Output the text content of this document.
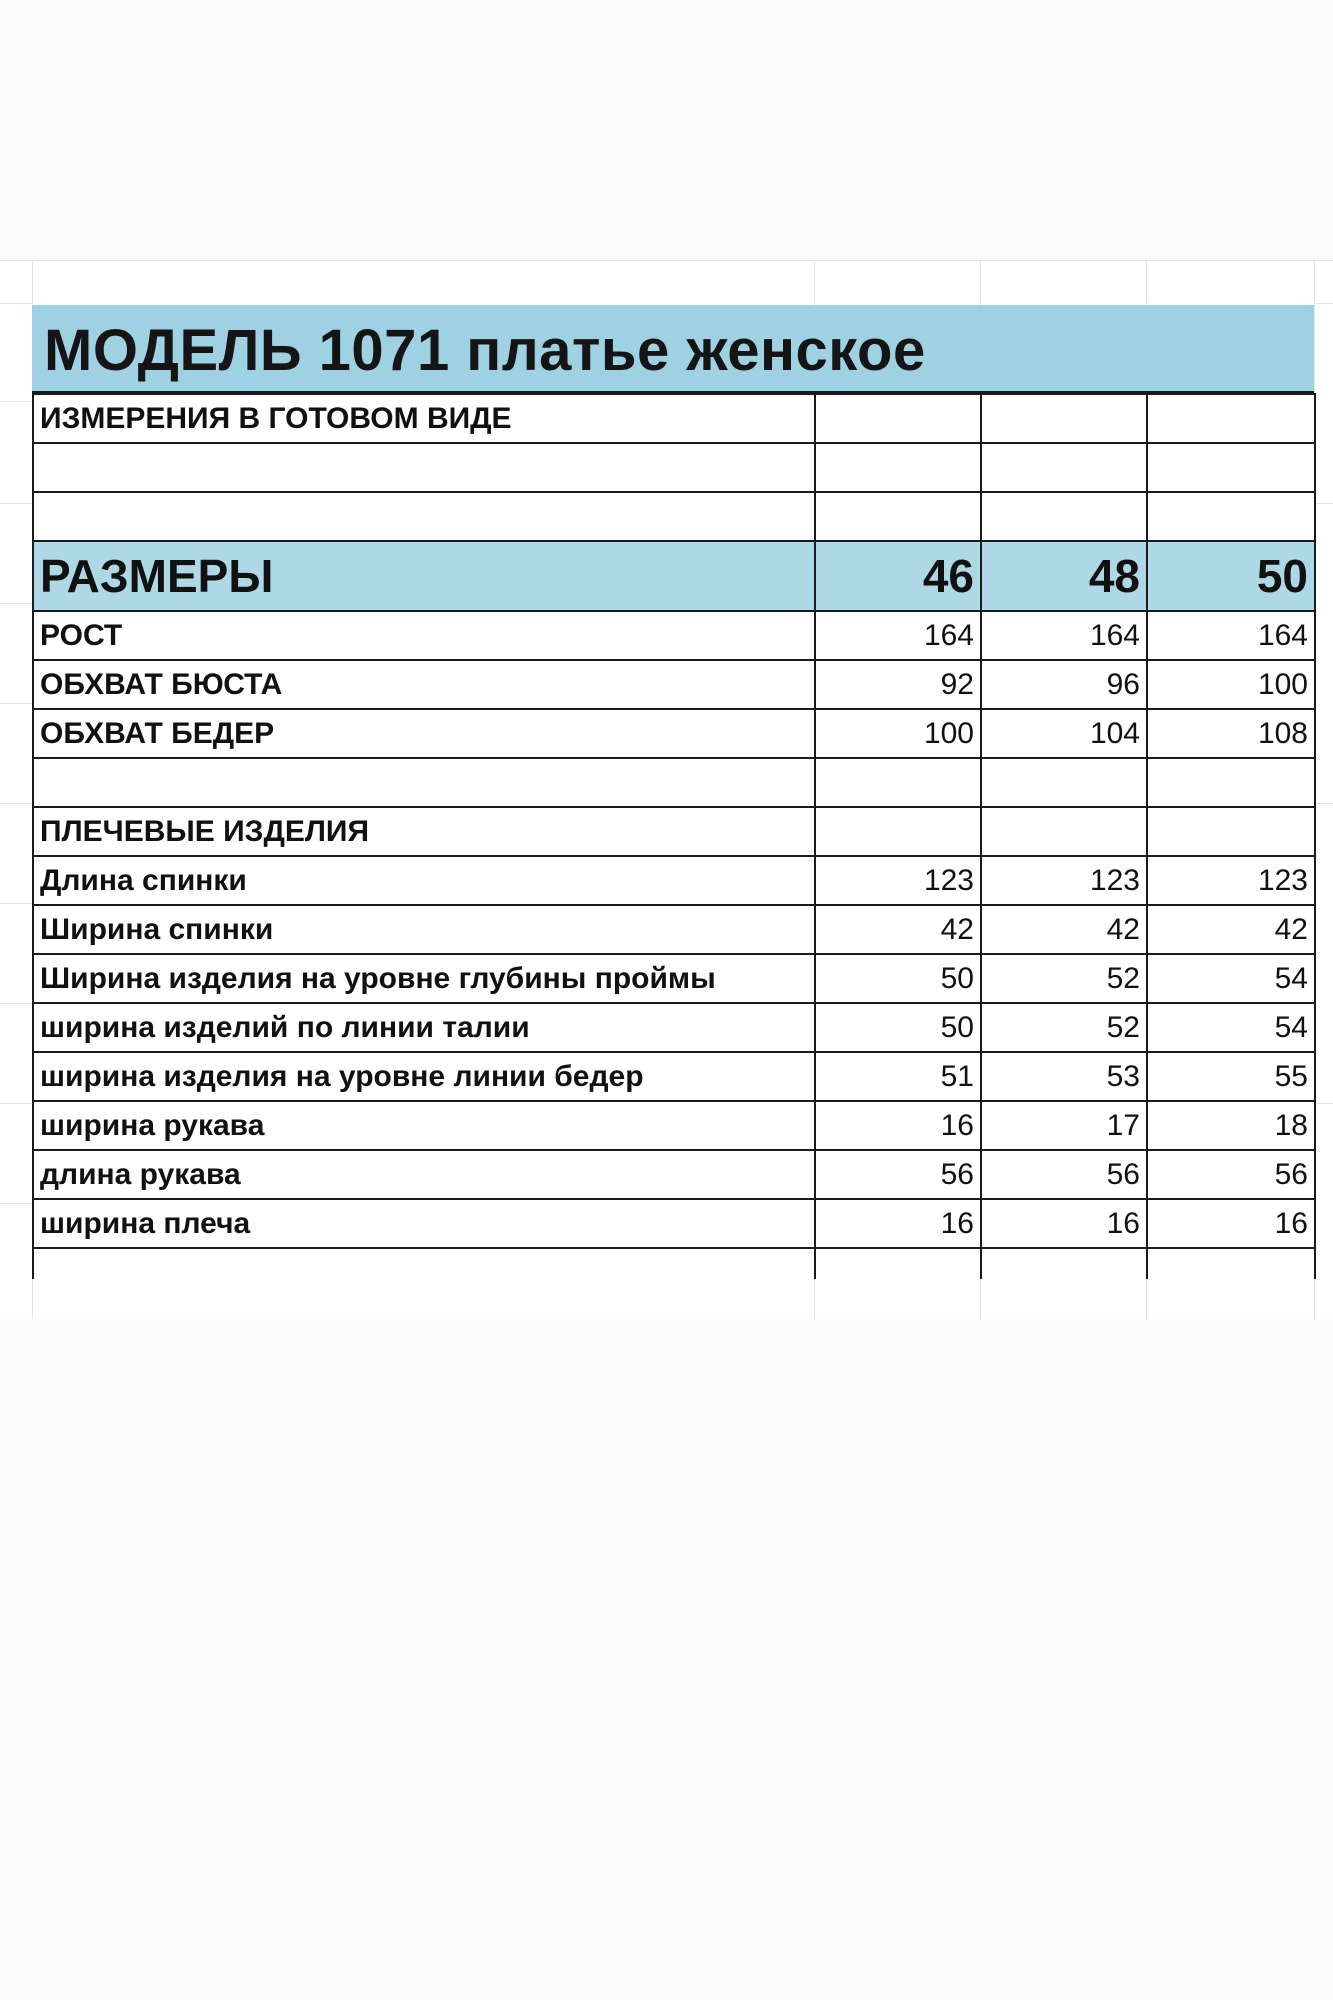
МОДЕЛЬ 1071 платье женское
ИЗМЕРЕНИЯ В ГОТОВОМ ВИДЕ			

РАЗМЕРЫ	46	48	50
РОСТ	164	164	164
ОБХВАТ БЮСТА	92	96	100
ОБХВАТ БЕДЕР	100	104	108

ПЛЕЧЕВЫЕ ИЗДЕЛИЯ			
Длина спинки	123	123	123
Ширина спинки	42	42	42
Ширина изделия на уровне глубины проймы	50	52	54
ширина изделий по линии талии	50	52	54
ширина изделия на уровне линии бедер	51	53	55
ширина рукава	16	17	18
длина рукава	56	56	56
ширина плеча	16	16	16
